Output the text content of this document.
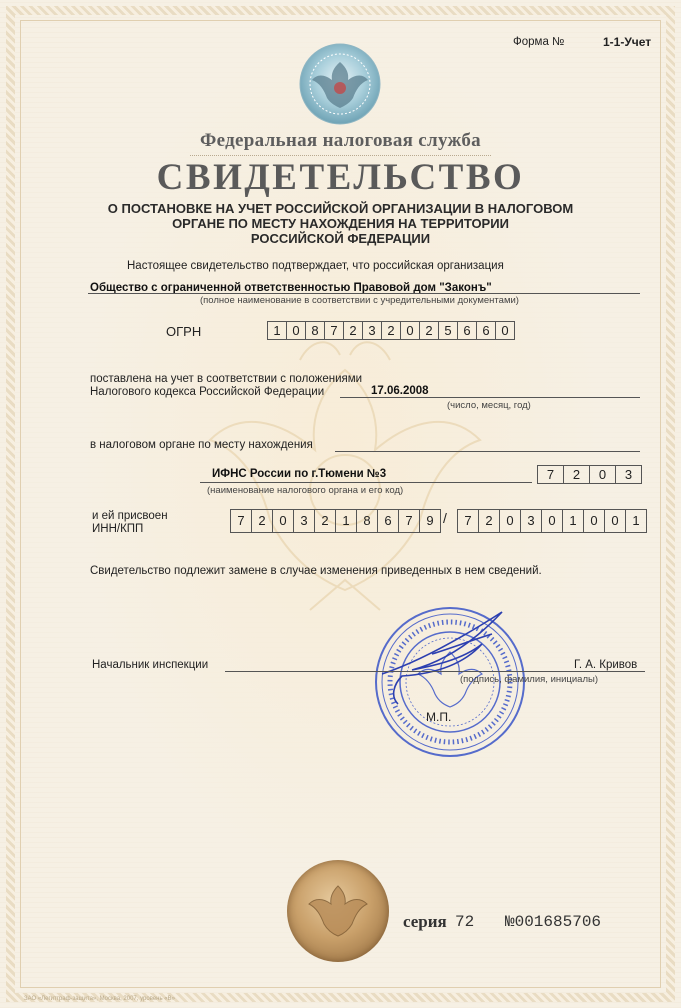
Форма №	1-1-Учет
Федеральная налоговая служба
СВИДЕТЕЛЬСТВО
О ПОСТАНОВКЕ НА УЧЕТ РОССИЙСКОЙ ОРГАНИЗАЦИИ В НАЛОГОВОМ
ОРГАНЕ ПО МЕСТУ НАХОЖДЕНИЯ НА ТЕРРИТОРИИ
РОССИЙСКОЙ ФЕДЕРАЦИИ
Настоящее свидетельство подтверждает, что российская организация
Общество с ограниченной ответственностью Правовой дом "Законъ"
(полное наименование в соответствии с учредительными документами)
ОГРН	1 0 8 7 2 3 2 0 2 5 6 6 0
поставлена на учет в соответствии с положениями
Налогового кодекса Российской Федерации	17.06.2008
(число, месяц, год)
в налоговом органе по месту нахождения
ИФНС России по г.Тюмени №3	7	2	0	3
(наименование налогового органа и его код)
и ей присвоен
ИНН/КПП
7	2	0	3	2	1	8	6	7	9 /	7	2	0	3	0	1	0	0	1
Свидетельство подлежит замене в случае изменения приведенных в нем сведений.
Начальник инспекции	Г. А. Кривов
(подпись, фамилия, инициалы)
М.П.
серия 72 №001685706
ЗАО «Легитграф-защита», Москва, 2007, уровень «В»
